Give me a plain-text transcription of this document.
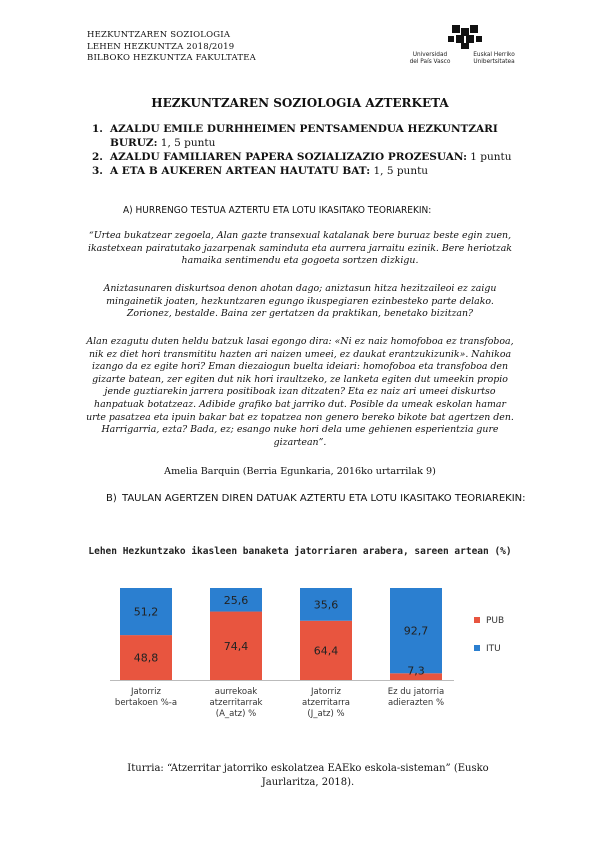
HEZKUNTZAREN SOZIOLOGIA
LEHEN HEZKUNTZA 2018/2019
BILBOKO HEZKUNTZA FAKULTATEA	Universidad
del País Vasco
Euskal Herriko
Unibertsitatea
HEZKUNTZAREN SOZIOLOGIA AZTERKETA
1. AZALDU EMILE DURHHEIMEN PENTSAMENDUA HEZKUNTZARI BURUZ: 1, 5 puntu
2. AZALDU FAMILIAREN PAPERA SOZIALIZAZIO PROZESUAN: 1 puntu
3. A ETA B AUKEREN ARTEAN HAUTATU BAT: 1, 5 puntu
A) HURRENGO TESTUA AZTERTU ETA LOTU IKASITAKO TEORIAREKIN:
“Urtea bukatzear zegoela, Alan gazte transexual katalanak bere buruaz beste egin zuen, ikastetxean pairatutako jazarpenak saminduta eta aurrera jarraitu ezinik. Bere heriotzak hamaika sentimendu eta gogoeta sortzen dizkigu.
Aniztasunaren diskurtsoa denon ahotan dago; aniztasun hitza hezitzaileoi ez zaigu mingainetik joaten, hezkuntzaren egungo ikuspegiaren ezinbesteko parte delako. Zorionez, bestalde. Baina zer gertatzen da praktikan, benetako bizitzan?
Alan ezagutu duten heldu batzuk lasai egongo dira: «Ni ez naiz homofoboa ez transfoboa, nik ez diet hori transmititu hazten ari naizen umeei, ez daukat erantzukizunik». Nahikoa izango da ez egite hori? Eman diezaiogun buelta ideiari: homofoboa eta transfoboa den gizarte batean, zer egiten dut nik hori iraultzeko, ze lanketa egiten dut umeekin propio jende guztiarekin jarrera positiboak izan ditzaten? Eta ez naiz ari umeei diskurtso hanpatuak botatzeaz. Adibide grafiko bat jarriko dut. Posible da umeak eskolan hamar urte pasatzea eta ipuin bakar bat ez topatzea non genero bereko bikote bat agertzen den. Harrigarria, ezta? Bada, ez; esango nuke hori dela ume gehienen esperientzia gure gizartean”.
Amelia Barquin (Berria Egunkaria, 2016ko urtarrilak 9)
B) TAULAN AGERTZEN DIREN DATUAK AZTERTU ETA LOTU IKASITAKO TEORIAREKIN:
Lehen Hezkuntzako ikasleen banaketa jatorriaren arabera, sareen artean (%)
48,8
51,2
Jatorriz
bertakoen %-a
74,4
25,6
aurrekoak
atzerritarrak
(A_atz) %
64,4
35,6
Jatorriz
atzerritarra
(J_atz) %
7,3
92,7
Ez du jatorria
adierazten %
PUB
ITU
Iturria: “Atzerritar jatorriko eskolatzea EAEko eskola-sisteman” (Eusko Jaurlaritza, 2018).
